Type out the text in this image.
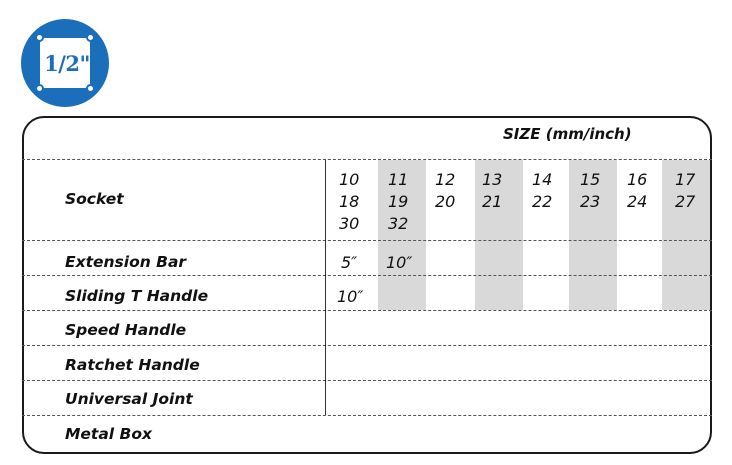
1/2"
SIZE (mm/inch)
Socket
Extension Bar
Sliding T Handle
Speed Handle
Ratchet Handle
Universal Joint
Metal Box
10
18
30
11
19
32
12
20
13
21
14
22
15
23
16
24
17
27
5″ 10″
10″
